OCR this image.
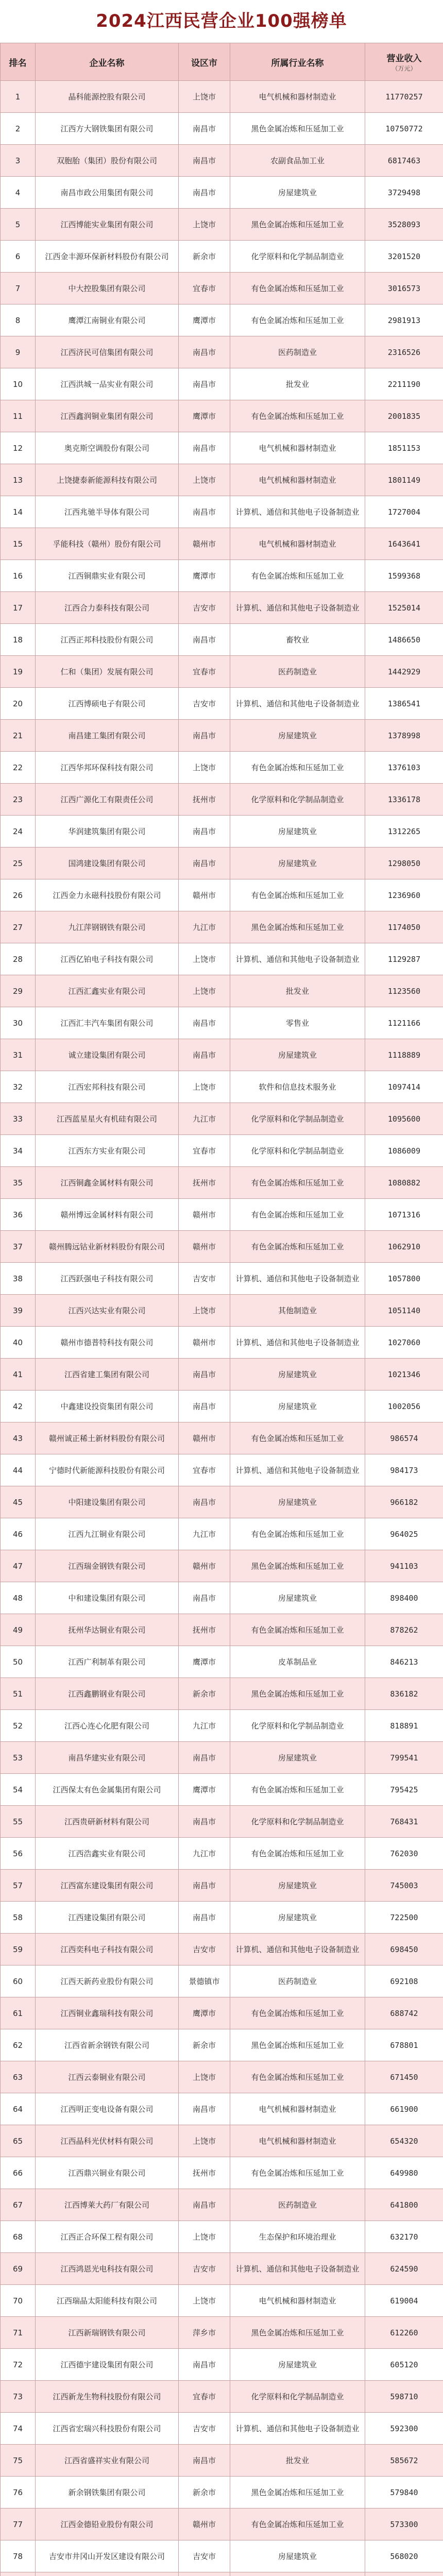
2024江西民营企业100强榜单
排名	企业名称	设区市	所属行业名称	营业收入
（万元）

1	晶科能源控股有限公司	上饶市	电气机械和器材制造业	11770257
2	江西方大钢铁集团有限公司	南昌市	黑色金属冶炼和压延加工业	10750772
3	双胞胎（集团）股份有限公司	南昌市	农副食品加工业	6817463
4	南昌市政公用集团有限公司	南昌市	房屋建筑业	3729498
5	江西博能实业集团有限公司	上饶市	黑色金属冶炼和压延加工业	3528093
6	江西金丰源环保新材料股份有限公司	新余市	化学原料和化学制品制造业	3201520
7	中大控股集团有限公司	宜春市	有色金属冶炼和压延加工业	3016573
8	鹰潭江南铜业有限公司	鹰潭市	有色金属冶炼和压延加工业	2981913
9	江西济民可信集团有限公司	南昌市	医药制造业	2316526
10	江西洪城一品实业有限公司	南昌市	批发业	2211190
11	江西鑫润铜业集团有限公司	鹰潭市	有色金属冶炼和压延加工业	2001835
12	奥克斯空调股份有限公司	南昌市	电气机械和器材制造业	1851153
13	上饶捷泰新能源科技有限公司	上饶市	电气机械和器材制造业	1801149
14	江西兆驰半导体有限公司	南昌市	计算机、通信和其他电子设备制造业	1727004
15	孚能科技（赣州）股份有限公司	赣州市	电气机械和器材制造业	1643641
16	江西铜鼎实业有限公司	鹰潭市	有色金属冶炼和压延加工业	1599368
17	江西合力泰科技有限公司	吉安市	计算机、通信和其他电子设备制造业	1525014
18	江西正邦科技股份有限公司	南昌市	畜牧业	1486650
19	仁和（集团）发展有限公司	宜春市	医药制造业	1442929
20	江西博硕电子有限公司	吉安市	计算机、通信和其他电子设备制造业	1386541
21	南昌建工集团有限公司	南昌市	房屋建筑业	1378998
22	江西华邦环保科技有限公司	上饶市	有色金属冶炼和压延加工业	1376103
23	江西广源化工有限责任公司	抚州市	化学原料和化学制品制造业	1336178
24	华润建筑集团有限公司	南昌市	房屋建筑业	1312265
25	国鸿建设集团有限公司	南昌市	房屋建筑业	1298050
26	江西金力永磁科技股份有限公司	赣州市	有色金属冶炼和压延加工业	1236960
27	九江萍钢钢铁有限公司	九江市	黑色金属冶炼和压延加工业	1174050
28	江西亿铂电子科技有限公司	上饶市	计算机、通信和其他电子设备制造业	1129287
29	江西汇鑫实业有限公司	上饶市	批发业	1123560
30	江西汇丰汽车集团有限公司	南昌市	零售业	1121166
31	诚立建设集团有限公司	南昌市	房屋建筑业	1118889
32	江西宏邦科技有限公司	上饶市	软件和信息技术服务业	1097414
33	江西蓝星星火有机硅有限公司	九江市	化学原料和化学制品制造业	1095600
34	江西东方实业有限公司	宜春市	化学原料和化学制品制造业	1086009
35	江西铜鑫金属材料有限公司	抚州市	有色金属冶炼和压延加工业	1080882
36	赣州博远金属材料有限公司	赣州市	有色金属冶炼和压延加工业	1071316
37	赣州腾远钴业新材料股份有限公司	赣州市	有色金属冶炼和压延加工业	1062910
38	江西跃强电子科技有限公司	吉安市	计算机、通信和其他电子设备制造业	1057800
39	江西兴达实业有限公司	上饶市	其他制造业	1051140
40	赣州市德普特科技有限公司	赣州市	计算机、通信和其他电子设备制造业	1027060
41	江西省建工集团有限公司	南昌市	房屋建筑业	1021346
42	中鑫建设投资集团有限公司	南昌市	房屋建筑业	1002056
43	赣州诚正稀土新材料股份有限公司	赣州市	有色金属冶炼和压延加工业	986574
44	宁德时代新能源科技股份有限公司	宜春市	计算机、通信和其他电子设备制造业	984173
45	中阳建设集团有限公司	南昌市	房屋建筑业	966182
46	江西九江铜业有限公司	九江市	有色金属冶炼和压延加工业	964025
47	江西瑞金钢铁有限公司	赣州市	黑色金属冶炼和压延加工业	941103
48	中和建设集团有限公司	南昌市	房屋建筑业	898400
49	抚州华达铜业有限公司	抚州市	有色金属冶炼和压延加工业	878262
50	江西广利制革有限公司	鹰潭市	皮革制品业	846213
51	江西鑫鹏钢业有限公司	新余市	黑色金属冶炼和压延加工业	836182
52	江西心连心化肥有限公司	九江市	化学原料和化学制品制造业	818891
53	南昌华建实业有限公司	南昌市	房屋建筑业	799541
54	江西保太有色金属集团有限公司	鹰潭市	有色金属冶炼和压延加工业	795425
55	江西贵研新材料有限公司	南昌市	化学原料和化学制品制造业	768431
56	江西浩鑫实业有限公司	九江市	有色金属冶炼和压延加工业	762030
57	江西富东建设集团有限公司	南昌市	房屋建筑业	745003
58	江西建设集团有限公司	南昌市	房屋建筑业	722500
59	江西奕科电子科技有限公司	吉安市	计算机、通信和其他电子设备制造业	698450
60	江西天新药业股份有限公司	景德镇市	医药制造业	692108
61	江西铜业鑫瑞科技有限公司	鹰潭市	有色金属冶炼和压延加工业	688742
62	江西省新余钢铁有限公司	新余市	黑色金属冶炼和压延加工业	678801
63	江西云泰铜业有限公司	上饶市	有色金属冶炼和压延加工业	671450
64	江西明正变电设备有限公司	南昌市	电气机械和器材制造业	661900
65	江西晶科光伏材料有限公司	上饶市	电气机械和器材制造业	654320
66	江西鼎兴铜业有限公司	抚州市	有色金属冶炼和压延加工业	649980
67	江西博莱大药厂有限公司	南昌市	医药制造业	641800
68	江西正合环保工程有限公司	上饶市	生态保护和环境治理业	632170
69	江西鸿恩光电科技有限公司	吉安市	计算机、通信和其他电子设备制造业	624590
70	江西瑞晶太阳能科技有限公司	上饶市	电气机械和器材制造业	619004
71	江西新瑞钢铁有限公司	萍乡市	黑色金属冶炼和压延加工业	612260
72	江西德宇建设集团有限公司	南昌市	房屋建筑业	605120
73	江西新龙生物科技股份有限公司	宜春市	化学原料和化学制品制造业	598710
74	江西省宏瑞兴科技股份有限公司	吉安市	计算机、通信和其他电子设备制造业	592300
75	江西省盛祥实业有限公司	南昌市	批发业	585672
76	新余钢铁集团有限公司	新余市	黑色金属冶炼和压延加工业	579840
77	江西金德铅业股份有限公司	赣州市	有色金属冶炼和压延加工业	573300
78	吉安市井冈山开发区建设有限公司	吉安市	房屋建筑业	568020
